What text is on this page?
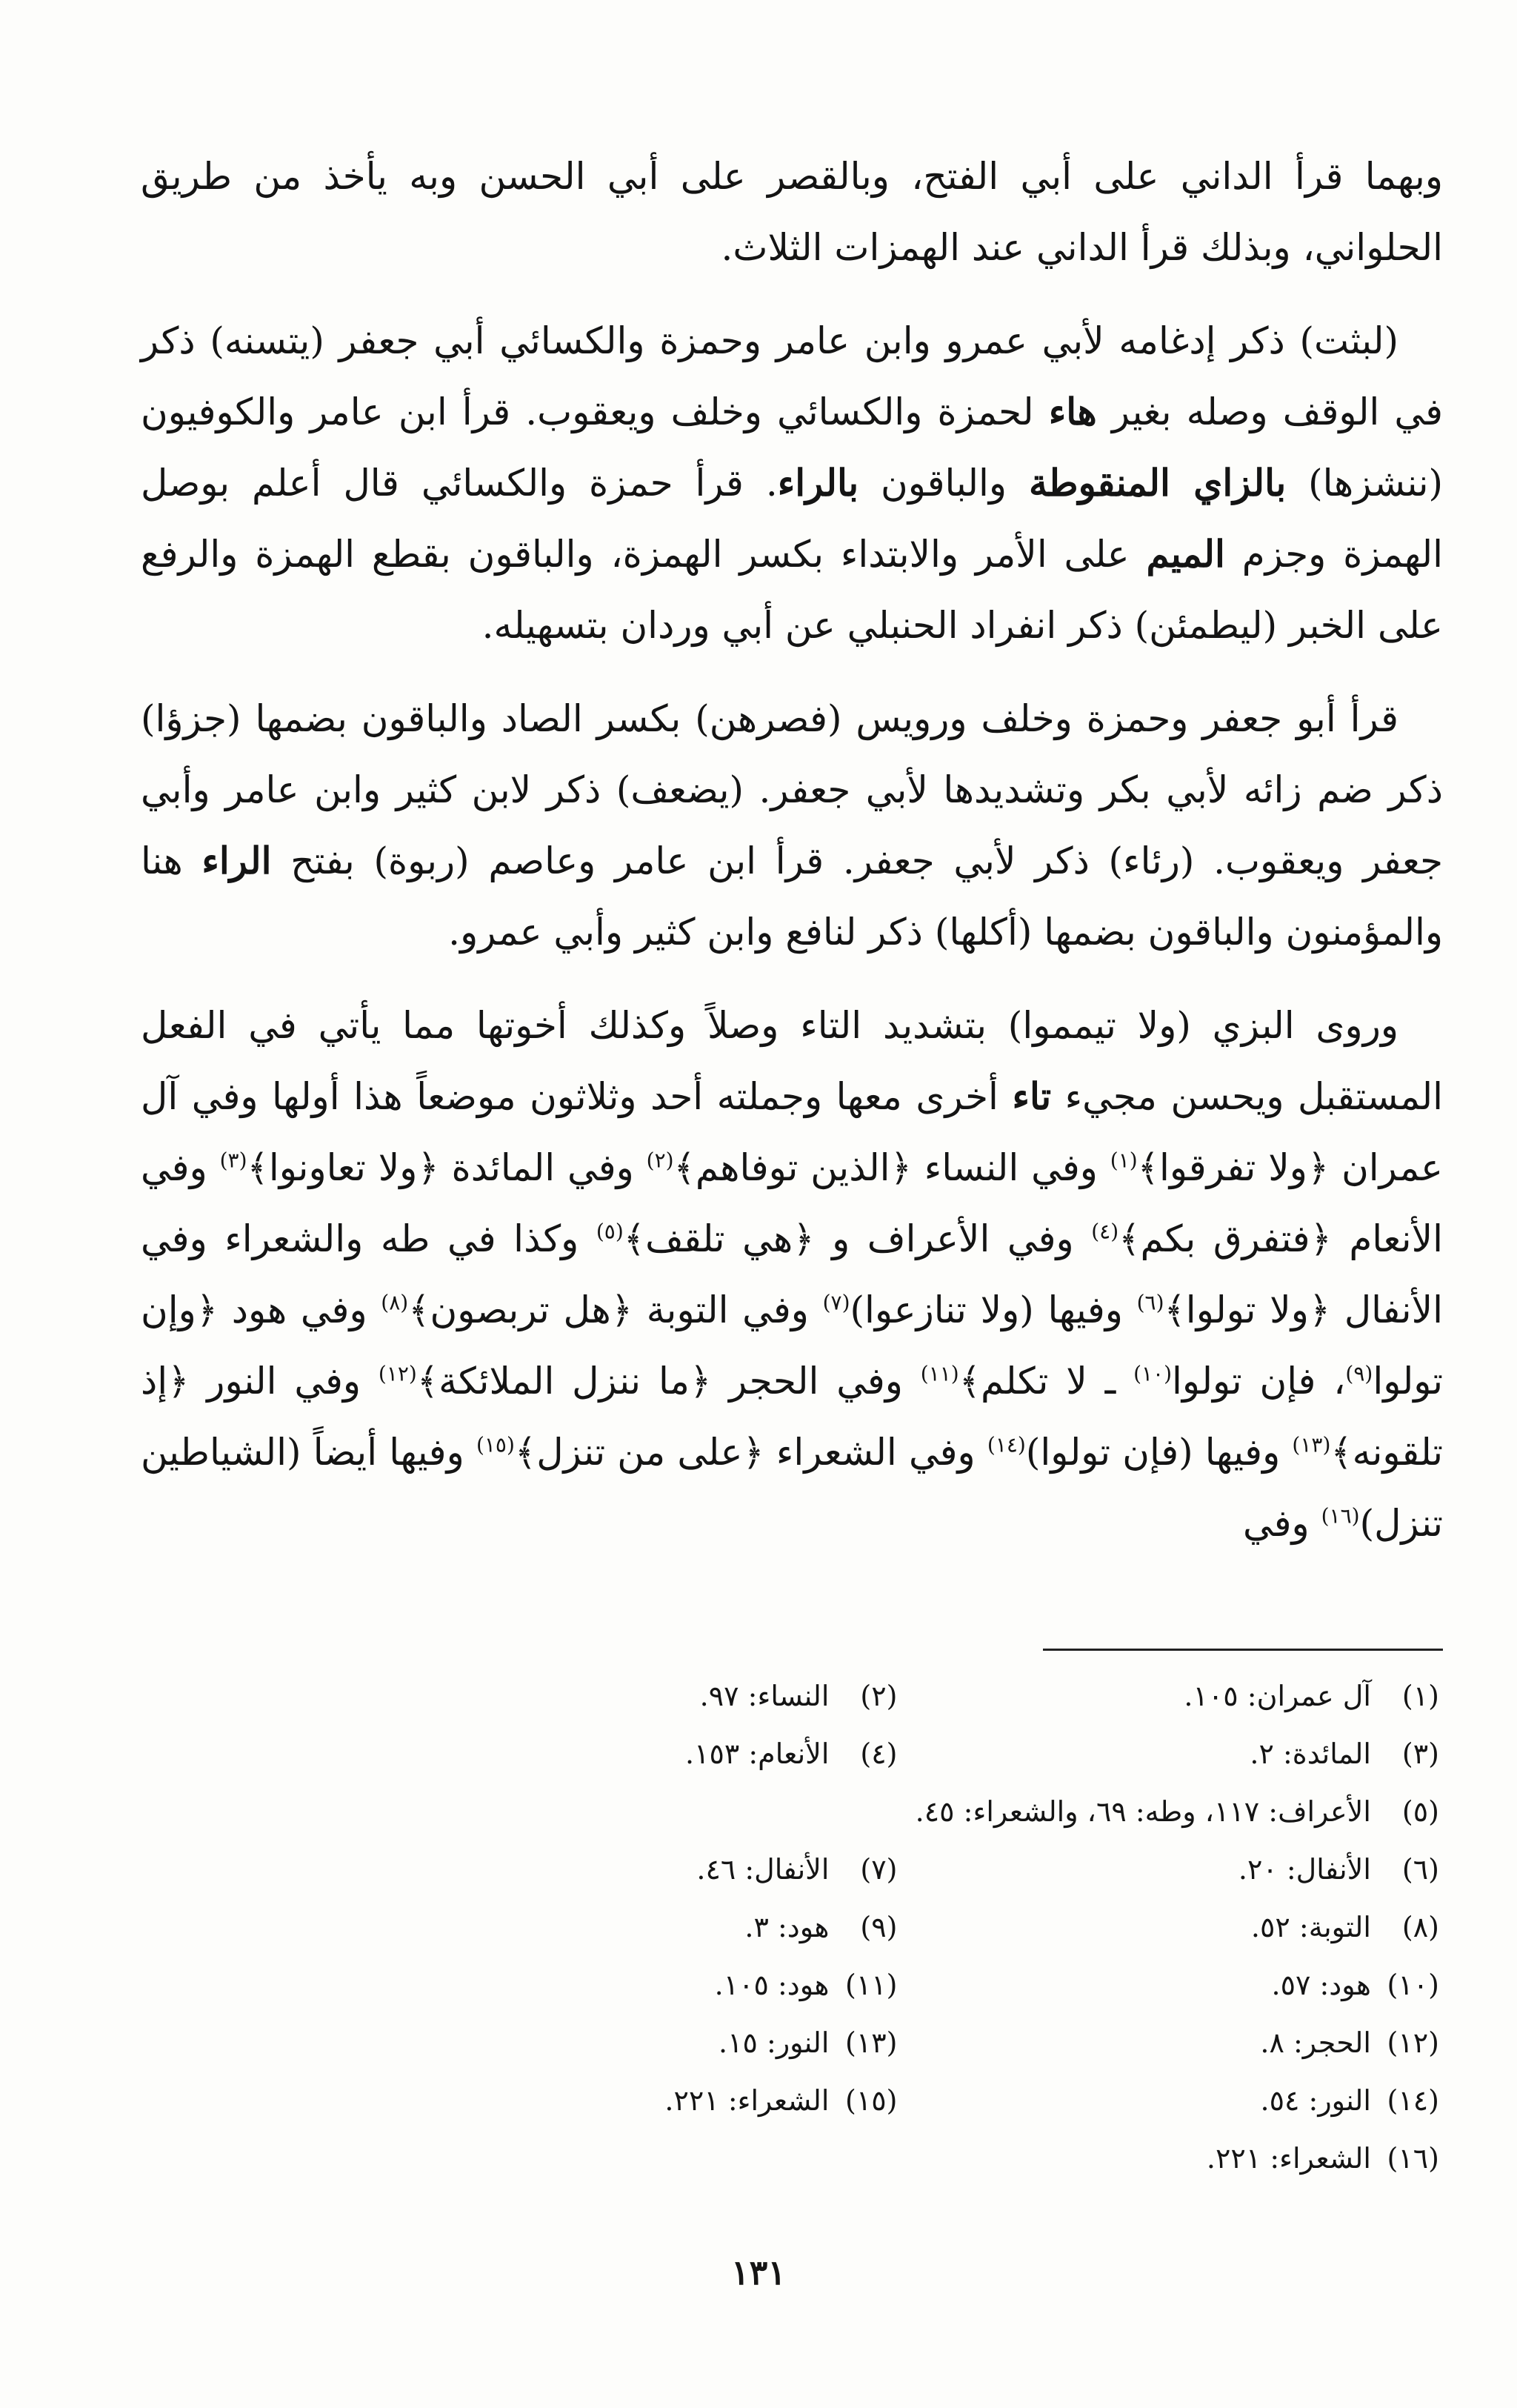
وبهما قرأ الداني على أبي الفتح، وبالقصر على أبي الحسن وبه يأخذ من طريق الحلواني، وبذلك قرأ الداني عند الهمزات الثلاث.

(لبثت) ذكر إدغامه لأبي عمرو وابن عامر وحمزة والكسائي أبي جعفر (يتسنه) ذكر في الوقف وصله بغير هاء لحمزة والكسائي وخلف ويعقوب. قرأ ابن عامر والكوفيون (ننشزها) بالزاي المنقوطة والباقون بالراء. قرأ حمزة والكسائي قال أعلم بوصل الهمزة وجزم الميم على الأمر والابتداء بكسر الهمزة، والباقون بقطع الهمزة والرفع على الخبر (ليطمئن) ذكر انفراد الحنبلي عن أبي وردان بتسهيله.

قرأ أبو جعفر وحمزة وخلف ورويس (فصرهن) بكسر الصاد والباقون بضمها (جزؤا) ذكر ضم زائه لأبي بكر وتشديدها لأبي جعفر. (يضعف) ذكر لابن كثير وابن عامر وأبي جعفر ويعقوب. (رئاء) ذكر لأبي جعفر. قرأ ابن عامر وعاصم (ربوة) بفتح الراء هنا والمؤمنون والباقون بضمها (أكلها) ذكر لنافع وابن كثير وأبي عمرو.

وروى البزي (ولا تيمموا) بتشديد التاء وصلاً وكذلك أخوتها مما يأتي في الفعل المستقبل ويحسن مجيء تاء أخرى معها وجملته أحد وثلاثون موضعاً هذا أولها وفي آل عمران ﴿ولا تفرقوا﴾$^{(١)}$ وفي النساء ﴿الذين توفاهم﴾$^{(٢)}$ وفي المائدة ﴿ولا تعاونوا﴾$^{(٣)}$ وفي الأنعام ﴿فتفرق بكم﴾$^{(٤)}$ وفي الأعراف و ﴿هي تلقف﴾$^{(٥)}$ وكذا في طه والشعراء وفي الأنفال ﴿ولا تولوا﴾$^{(٦)}$ وفيها (ولا تنازعوا)$^{(٧)}$ وفي التوبة ﴿هل تربصون﴾$^{(٨)}$ وفي هود ﴿وإن تولوا$^{(٩)}$، فإن تولوا$^{(١٠)}$ ـ لا تكلم﴾$^{(١١)}$ وفي الحجر ﴿ما ننزل الملائكة﴾$^{(١٢)}$ وفي النور ﴿إذ تلقونه﴾$^{(١٣)}$ وفيها (فإن تولوا)$^{(١٤)}$ وفي الشعراء ﴿على من تنزل﴾$^{(١٥)}$ وفيها أيضاً (الشياطين تنزل)$^{(١٦)}$ وفي

(١) آل عمران: ١٠٥.
(٢) النساء: ٩٧.
(٣) المائدة: ٢.
(٤) الأنعام: ١٥٣.
(٥) الأعراف: ١١٧، وطه: ٦٩، والشعراء: ٤٥.
(٦) الأنفال: ٢٠.
(٧) الأنفال: ٤٦.
(٨) التوبة: ٥٢.
(٩) هود: ٣.
(١٠) هود: ٥٧.
(١١) هود: ١٠٥.
(١٢) الحجر: ٨.
(١٣) النور: ١٥.
(١٤) النور: ٥٤.
(١٥) الشعراء: ٢٢١.
(١٦) الشعراء: ٢٢١.
١٣١
